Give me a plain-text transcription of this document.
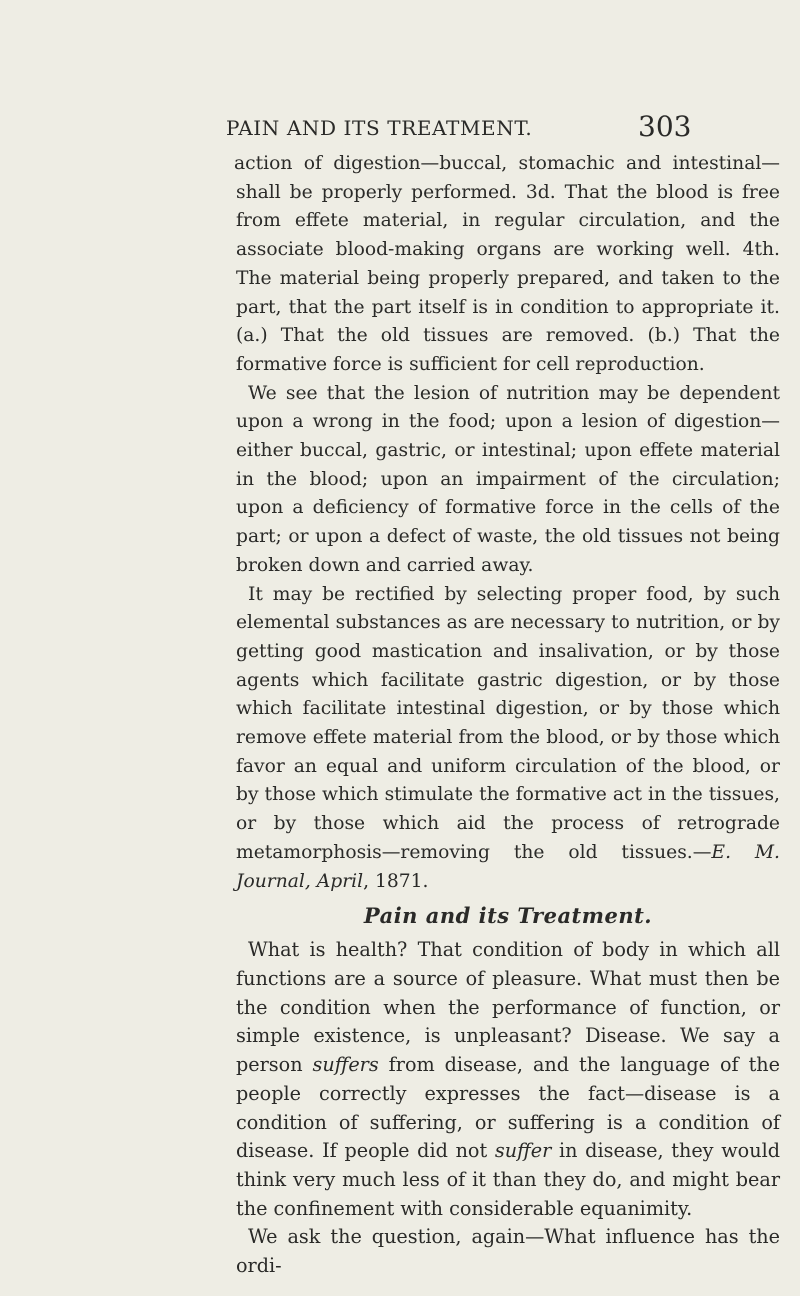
PAIN AND ITS TREATMENT.	303

action of digestion—buccal, stomachic and intestinal—shall be properly performed. 3d. That the blood is free from effete material, in regular circulation, and the associate blood-making organs are working well. 4th. The material being properly prepared, and taken to the part, that the part itself is in condition to appropriate it. (a.) That the old tissues are removed. (b.) That the formative force is sufficient for cell reproduction.

We see that the lesion of nutrition may be dependent upon a wrong in the food; upon a lesion of digestion—either buccal, gastric, or intestinal; upon effete material in the blood; upon an impairment of the circulation; upon a deficiency of formative force in the cells of the part; or upon a defect of waste, the old tissues not being broken down and carried away.

It may be rectified by selecting proper food, by such elemental substances as are necessary to nutrition, or by getting good mastication and insalivation, or by those agents which facilitate gastric digestion, or by those which facilitate intestinal digestion, or by those which remove effete material from the blood, or by those which favor an equal and uniform circulation of the blood, or by those which stimulate the formative act in the tissues, or by those which aid the process of retrograde metamorphosis—removing the old tissues.—E. M. Journal, April, 1871.

Pain and its Treatment.

What is health? That condition of body in which all functions are a source of pleasure. What must then be the condition when the performance of function, or simple existence, is unpleasant? Disease. We say a person suffers from disease, and the language of the people correctly expresses the fact—disease is a condition of suffering, or suffering is a condition of disease. If people did not suffer in disease, they would think very much less of it than they do, and might bear the confinement with considerable equanimity.

We ask the question, again—What influence has the ordi-
